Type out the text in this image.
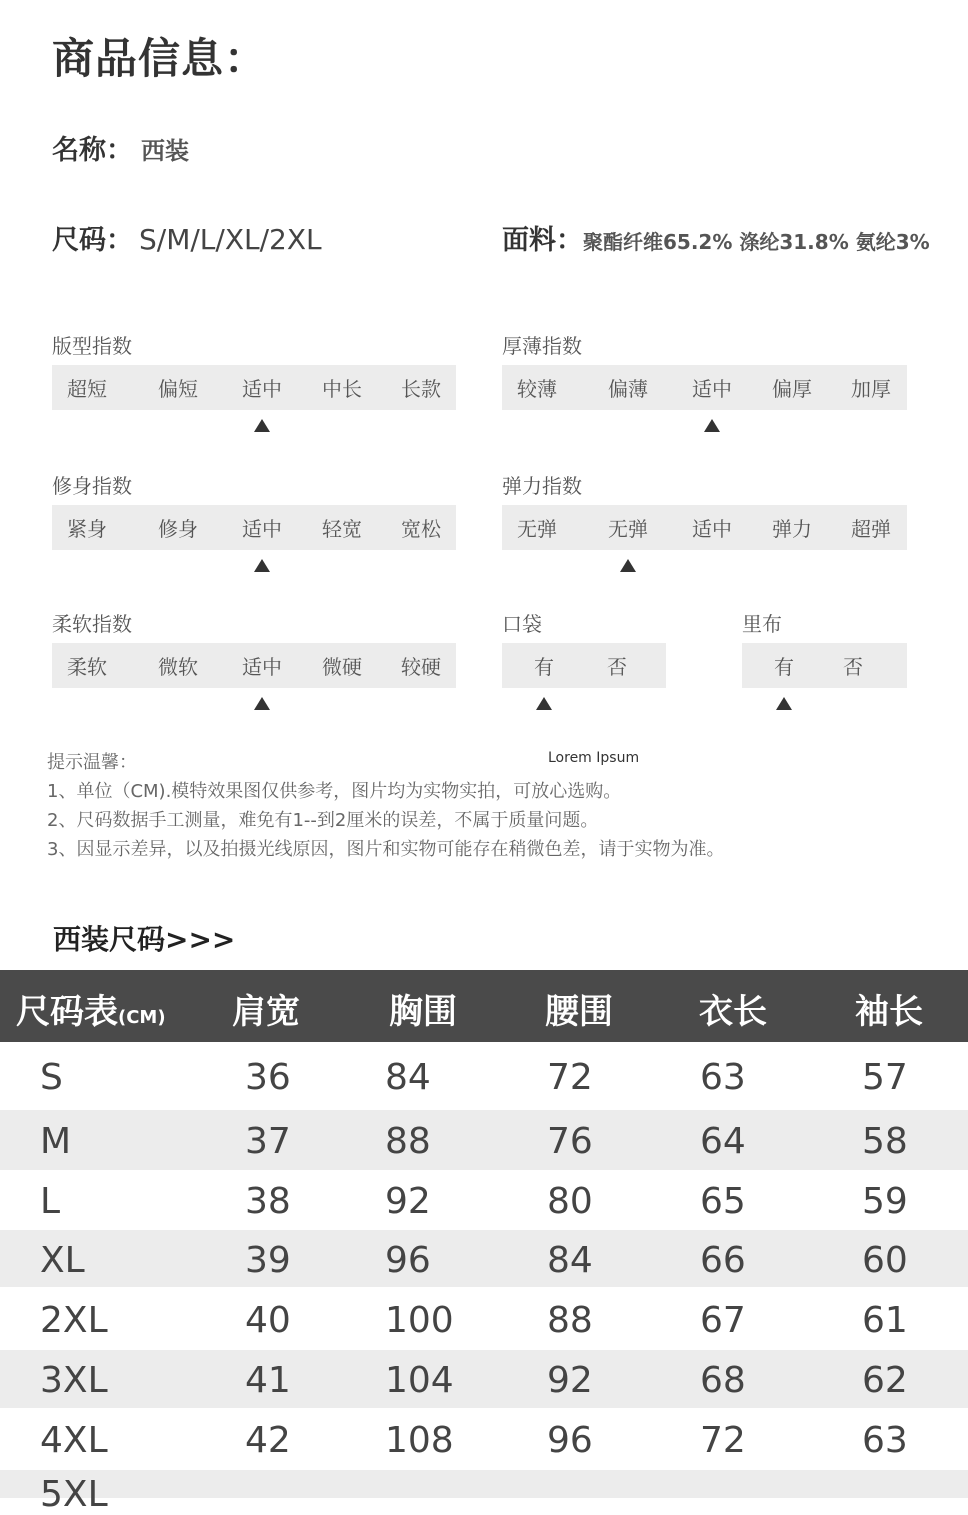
商品信息：
名称： 西装
尺码： S/M/L/XL/2XL	面料：聚酯纤维65.2% 涤纶31.8% 氨纶3%
版型指数
超短	偏短	适中	中长	长款
厚薄指数
较薄	偏薄	适中	偏厚	加厚
修身指数
紧身	修身	适中	轻宽	宽松
弹力指数
无弹	无弹	适中	弹力	超弹
柔软指数
柔软	微软	适中	微硬	较硬
口袋
有	否
里布
有	否
提示温馨：
1、单位（CM).模特效果图仅供参考，图片均为实物实拍，可放心选购。
2、尺码数据手工测量，难免有1--到2厘米的误差，不属于质量问题。
3、因显示差异，以及拍摄光线原因，图片和实物可能存在稍微色差，请于实物为准。
Lorem Ipsum
西装尺码>>>
尺码表(CM) 肩宽	胸围	腰围	衣长	袖长
S	36	84	72	63	57
M	37	88	76	64	58
L	38	92	80	65	59
XL	39	96	84	66	60
2XL	40	100	88	67	61
3XL	41	104	92	68	62
4XL	42	108	96	72	63
5XL
